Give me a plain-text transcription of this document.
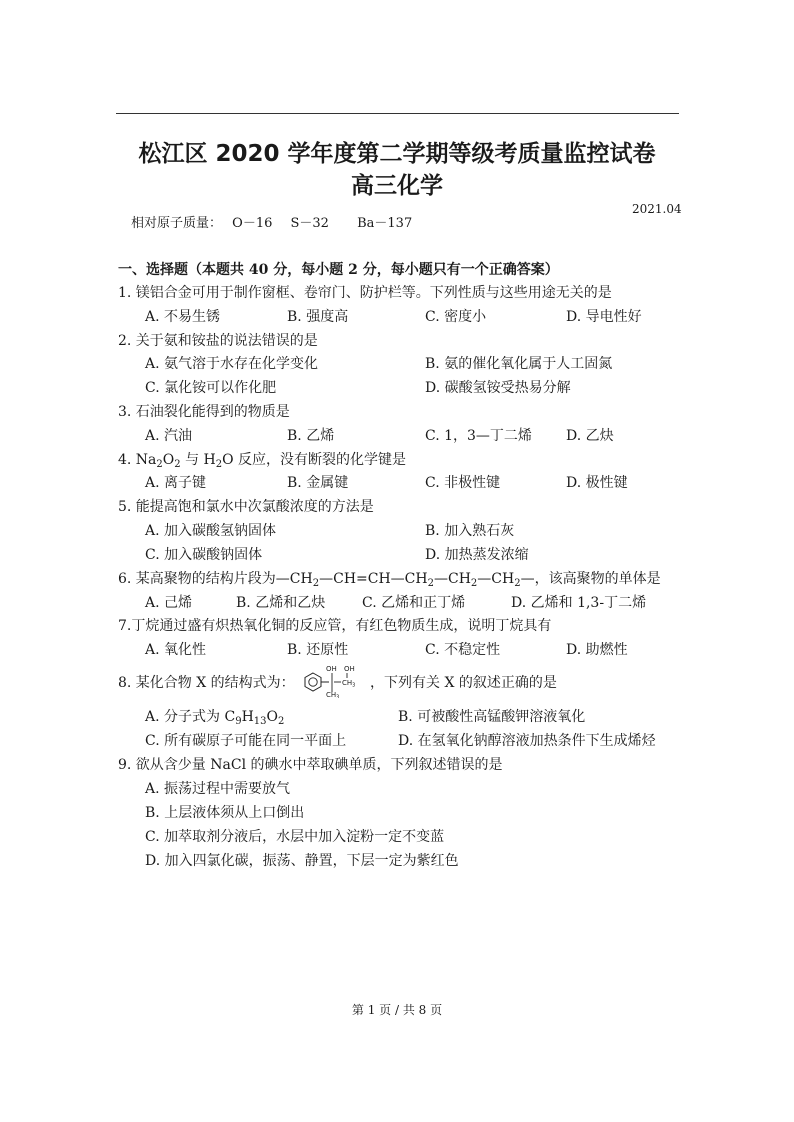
松江区 2020 学年度第二学期等级考质量监控试卷
高三化学
2021.04
相对原子质量： O－16 S－32 Ba－137
一、选择题（本题共 40 分，每小题 2 分，每小题只有一个正确答案）
1. 镁铝合金可用于制作窗框、卷帘门、防护栏等。下列性质与这些用途无关的是
A. 不易生锈	B. 强度高	C. 密度小	D. 导电性好
2. 关于氨和铵盐的说法错误的是
A. 氨气溶于水存在化学变化	B. 氨的催化氧化属于人工固氮
C. 氯化铵可以作化肥	D. 碳酸氢铵受热易分解
3. 石油裂化能得到的物质是
A. 汽油	B. 乙烯	C. 1，3—丁二烯 D. 乙炔
4. $Na_2O_2$ 与 $H_2O$ 反应，没有断裂的化学键是
A. 离子键	B. 金属键	C. 非极性键	D. 极性键
5. 能提高饱和氯水中次氯酸浓度的方法是
A. 加入碳酸氢钠固体	B. 加入熟石灰
C. 加入碳酸钠固体	D. 加热蒸发浓缩
6. 某高聚物的结构片段为$—CH_2—CH=CH—CH_2—CH_2—CH_2—$，该高聚物的单体是
A. 己烯	B. 乙烯和乙炔	C. 乙烯和正丁烯	D. 乙烯和 1,3-丁二烯
7.丁烷通过盛有炽热氧化铜的反应管，有红色物质生成，说明丁烷具有
A. 氧化性	B. 还原性	C. 不稳定性	D. 助燃性
8. 某化合物 X 的结构式为：
OH OH
$CH_3$
$CH_3$
，下列有关 X 的叙述正确的是
A. 分子式为 $C_9H_{13}O_2$	B. 可被酸性高锰酸钾溶液氧化
C. 所有碳原子可能在同一平面上	D. 在氢氧化钠醇溶液加热条件下生成烯烃
9. 欲从含少量 NaCl 的碘水中萃取碘单质，下列叙述错误的是
A. 振荡过程中需要放气
B. 上层液体须从上口倒出
C. 加萃取剂分液后，水层中加入淀粉一定不变蓝
D. 加入四氯化碳，振荡、静置，下层一定为紫红色
第 1 页 / 共 8 页
